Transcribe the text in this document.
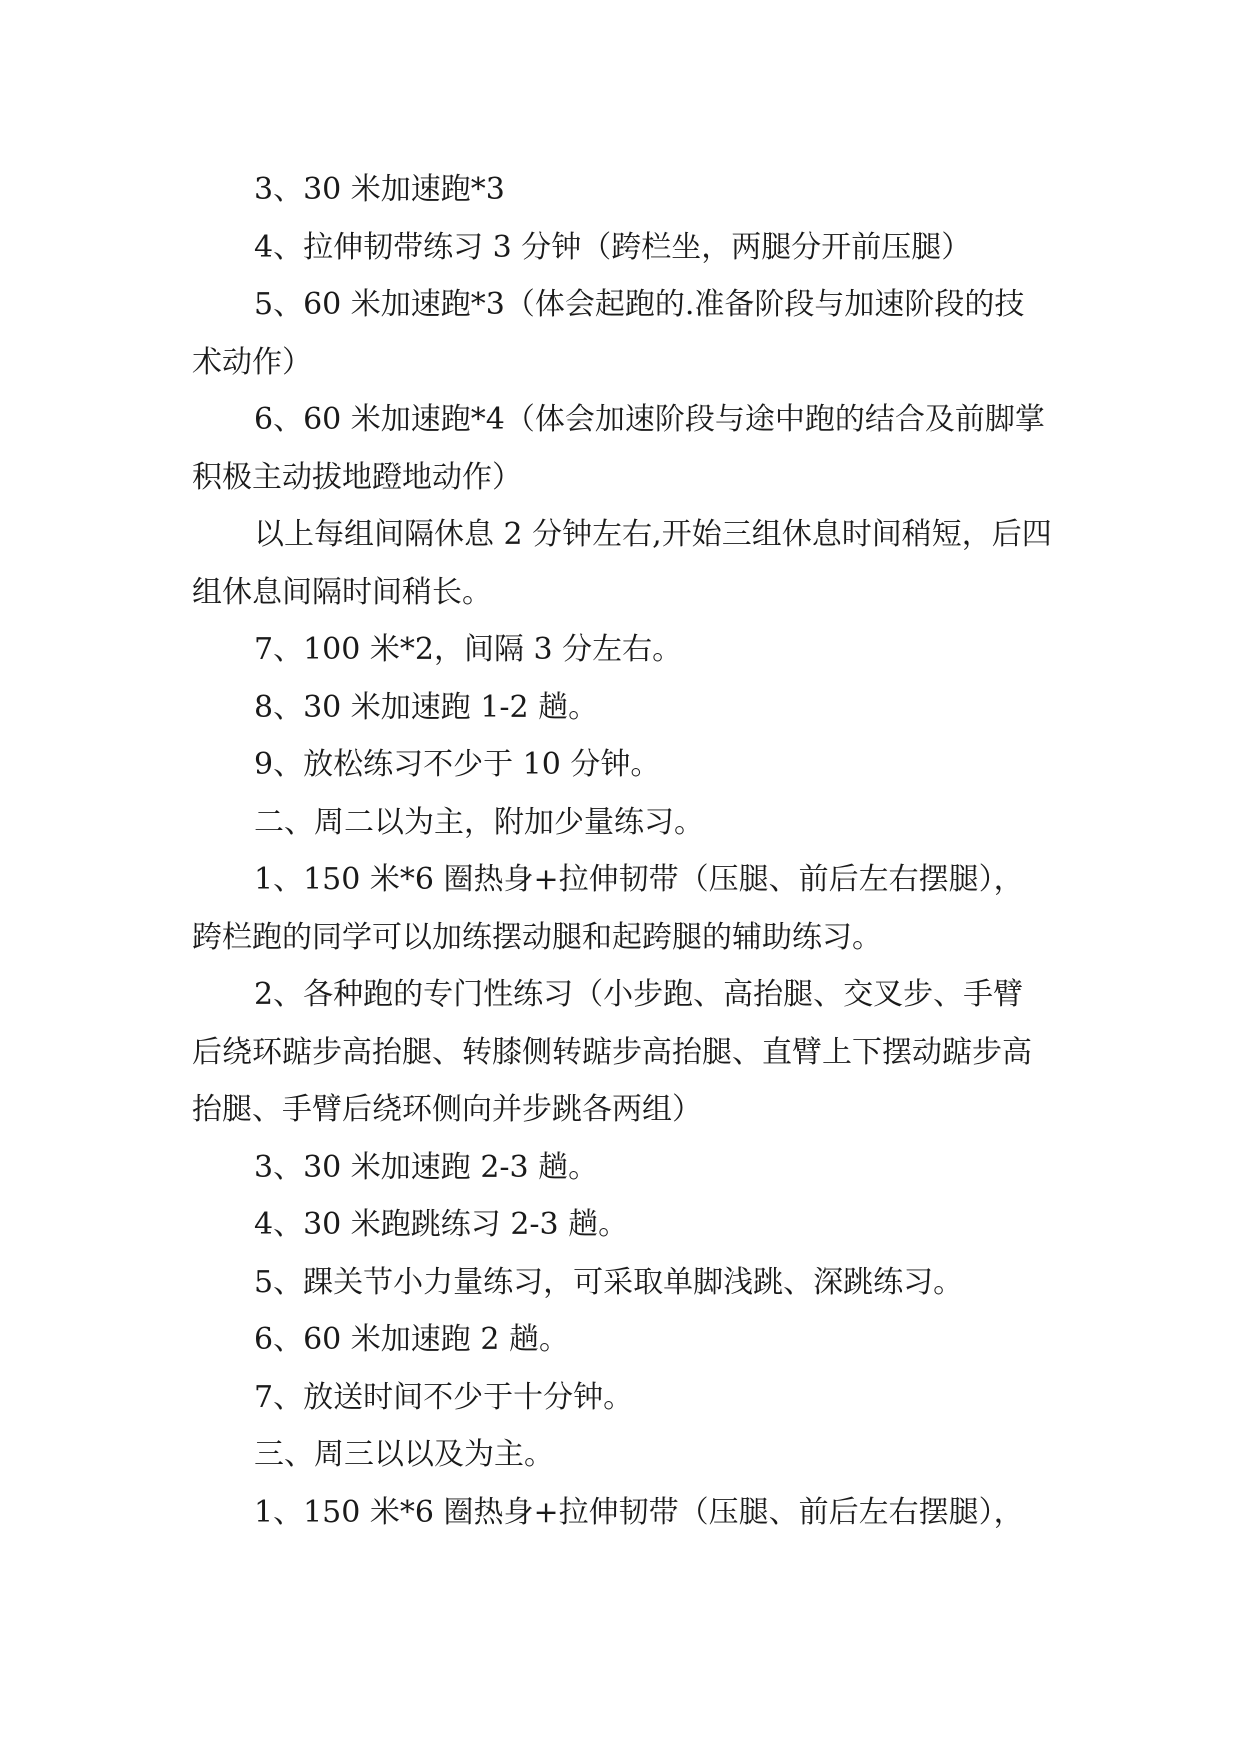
3、30 米加速跑*3

4、拉伸韧带练习 3 分钟（跨栏坐，两腿分开前压腿）

5、60 米加速跑*3（体会起跑的.准备阶段与加速阶段的技术动作）

6、60 米加速跑*4（体会加速阶段与途中跑的结合及前脚掌积极主动拔地蹬地动作）

以上每组间隔休息 2 分钟左右,开始三组休息时间稍短，后四组休息间隔时间稍长。

7、100 米*2，间隔 3 分左右。

8、30 米加速跑 1-2 趟。

9、放松练习不少于 10 分钟。

二、周二以为主，附加少量练习。

1、150 米*6 圈热身+拉伸韧带（压腿、前后左右摆腿），跨栏跑的同学可以加练摆动腿和起跨腿的辅助练习。

2、各种跑的专门性练习（小步跑、高抬腿、交叉步、手臂后绕环踮步高抬腿、转膝侧转踮步高抬腿、直臂上下摆动踮步高抬腿、手臂后绕环侧向并步跳各两组）

3、30 米加速跑 2-3 趟。

4、30 米跑跳练习 2-3 趟。

5、踝关节小力量练习，可采取单脚浅跳、深跳练习。

6、60 米加速跑 2 趟。

7、放送时间不少于十分钟。

三、周三以以及为主。

1、150 米*6 圈热身+拉伸韧带（压腿、前后左右摆腿），
